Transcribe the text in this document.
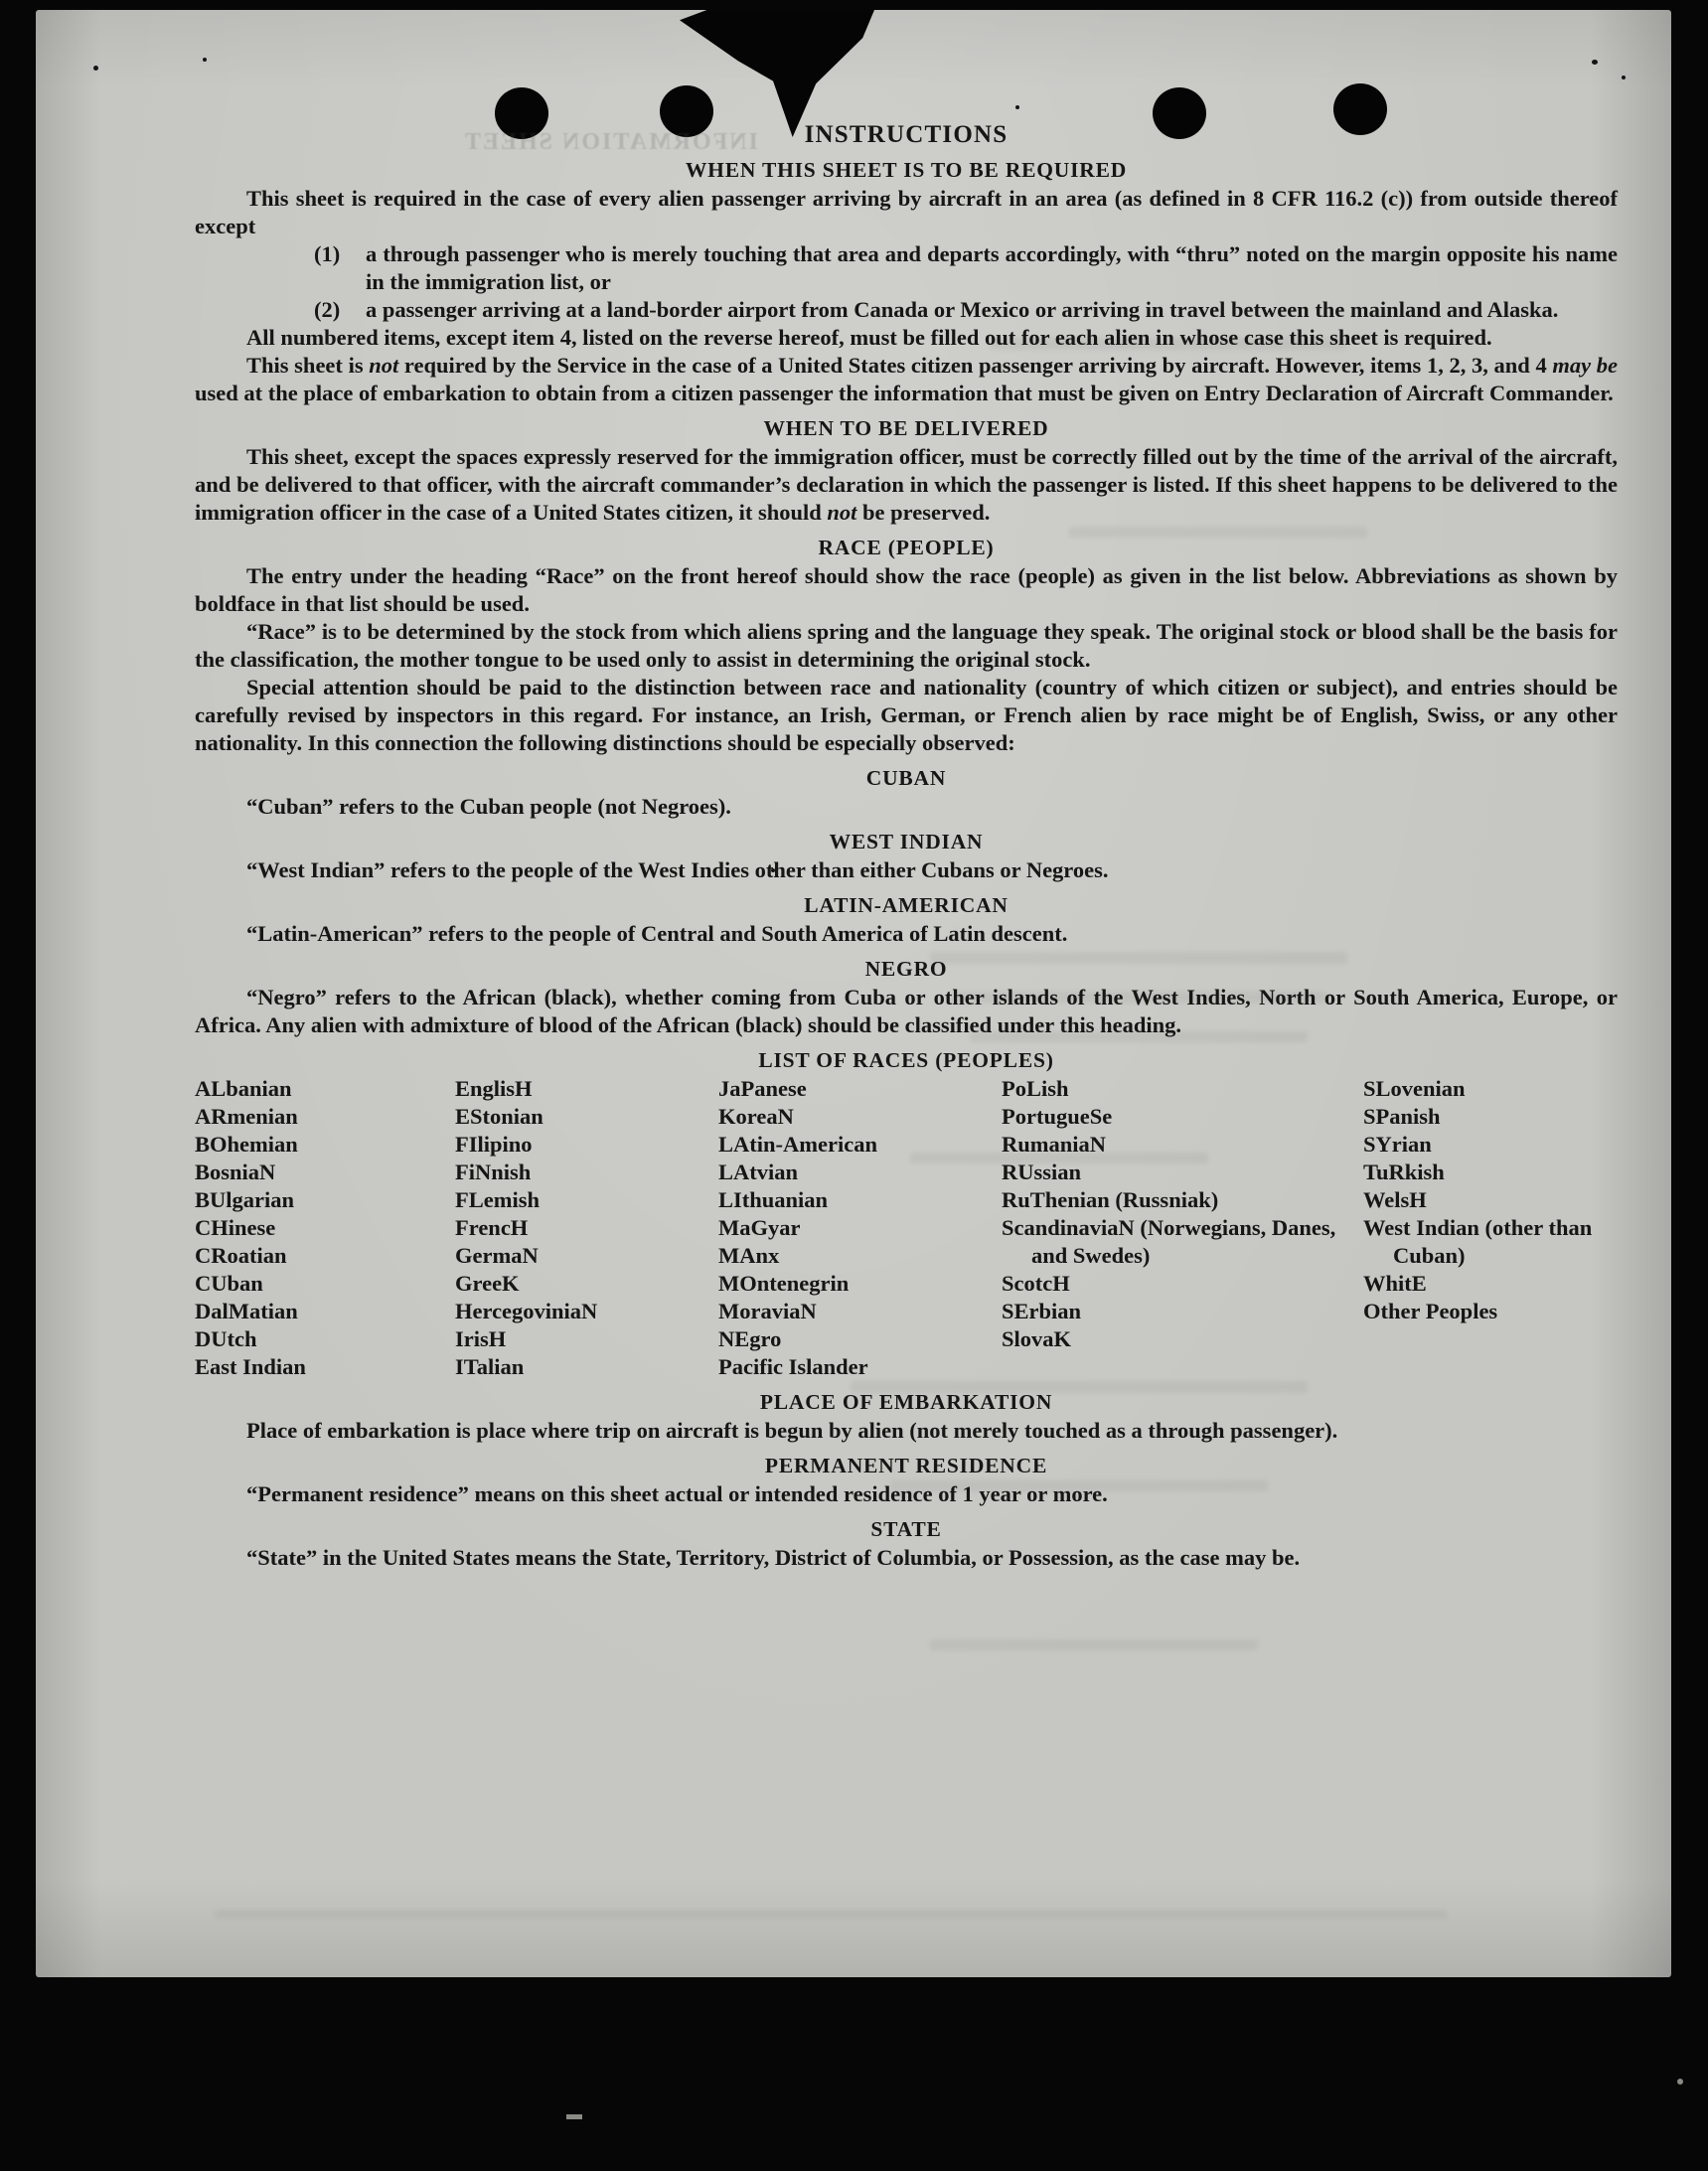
INFORMATION SHEET	INSTRUCTIONS
WHEN THIS SHEET IS TO BE REQUIRED

This sheet is required in the case of every alien passenger arriving by aircraft in an area (as defined in 8 CFR 116.2 (c)) from outside thereof except

(1) a through passenger who is merely touching that area and departs accordingly, with “thru” noted on the margin opposite his name in the immigration list, or
(2) a passenger arriving at a land-border airport from Canada or Mexico or arriving in travel between the mainland and Alaska.

All numbered items, except item 4, listed on the reverse hereof, must be filled out for each alien in whose case this sheet is required.

This sheet is not required by the Service in the case of a United States citizen passenger arriving by aircraft. However, items 1, 2, 3, and 4 may be used at the place of embarkation to obtain from a citizen passenger the information that must be given on Entry Declaration of Aircraft Commander.

WHEN TO BE DELIVERED

This sheet, except the spaces expressly reserved for the immigration officer, must be correctly filled out by the time of the arrival of the aircraft, and be delivered to that officer, with the aircraft commander’s declaration in which the passenger is listed. If this sheet happens to be delivered to the immigration officer in the case of a United States citizen, it should not be preserved.

RACE (PEOPLE)

The entry under the heading “Race” on the front hereof should show the race (people) as given in the list below. Abbreviations as shown by boldface in that list should be used.

“Race” is to be determined by the stock from which aliens spring and the language they speak. The original stock or blood shall be the basis for the classification, the mother tongue to be used only to assist in determining the original stock.

Special attention should be paid to the distinction between race and nationality (country of which citizen or subject), and entries should be carefully revised by inspectors in this regard. For instance, an Irish, German, or French alien by race might be of English, Swiss, or any other nationality. In this connection the following distinctions should be especially observed:

CUBAN

“Cuban” refers to the Cuban people (not Negroes).

WEST INDIAN

“West Indian” refers to the people of the West Indies other than either Cubans or Negroes.

LATIN-AMERICAN

“Latin-American” refers to the people of Central and South America of Latin descent.

NEGRO

“Negro” refers to the African (black), whether coming from Cuba or other islands of the West Indies, North or South America, Europe, or Africa. Any alien with admixture of blood of the African (black) should be classified under this heading.

LIST OF RACES (PEOPLES)
ALbanian
ARmenian
BOhemian
BosniaN
BUlgarian
CHinese
CRoatian
CUban
DalMatian
DUtch
East Indian
EnglisH
EStonian
FIlipino
FiNnish
FLemish
FrencH
GermaN
GreeK
HercegoviniaN
IrisH
ITalian
JaPanese
KoreaN
LAtin-American
LAtvian
LIthuanian
MaGyar
MAnx
MOntenegrin
MoraviaN
NEgro
Pacific Islander
PoLish
PortugueSe
RumaniaN
RUssian
RuThenian (Russniak)
ScandinaviaN (Norwegians, Danes, and Swedes)
ScotcH
SErbian
SlovaK
SLovenian
SPanish
SYrian
TuRkish
WelsH
West Indian (other than Cuban)
WhitE
Other Peoples
PLACE OF EMBARKATION

Place of embarkation is place where trip on aircraft is begun by alien (not merely touched as a through passenger).

PERMANENT RESIDENCE

“Permanent residence” means on this sheet actual or intended residence of 1 year or more.

STATE

“State” in the United States means the State, Territory, District of Columbia, or Possession, as the case may be.
